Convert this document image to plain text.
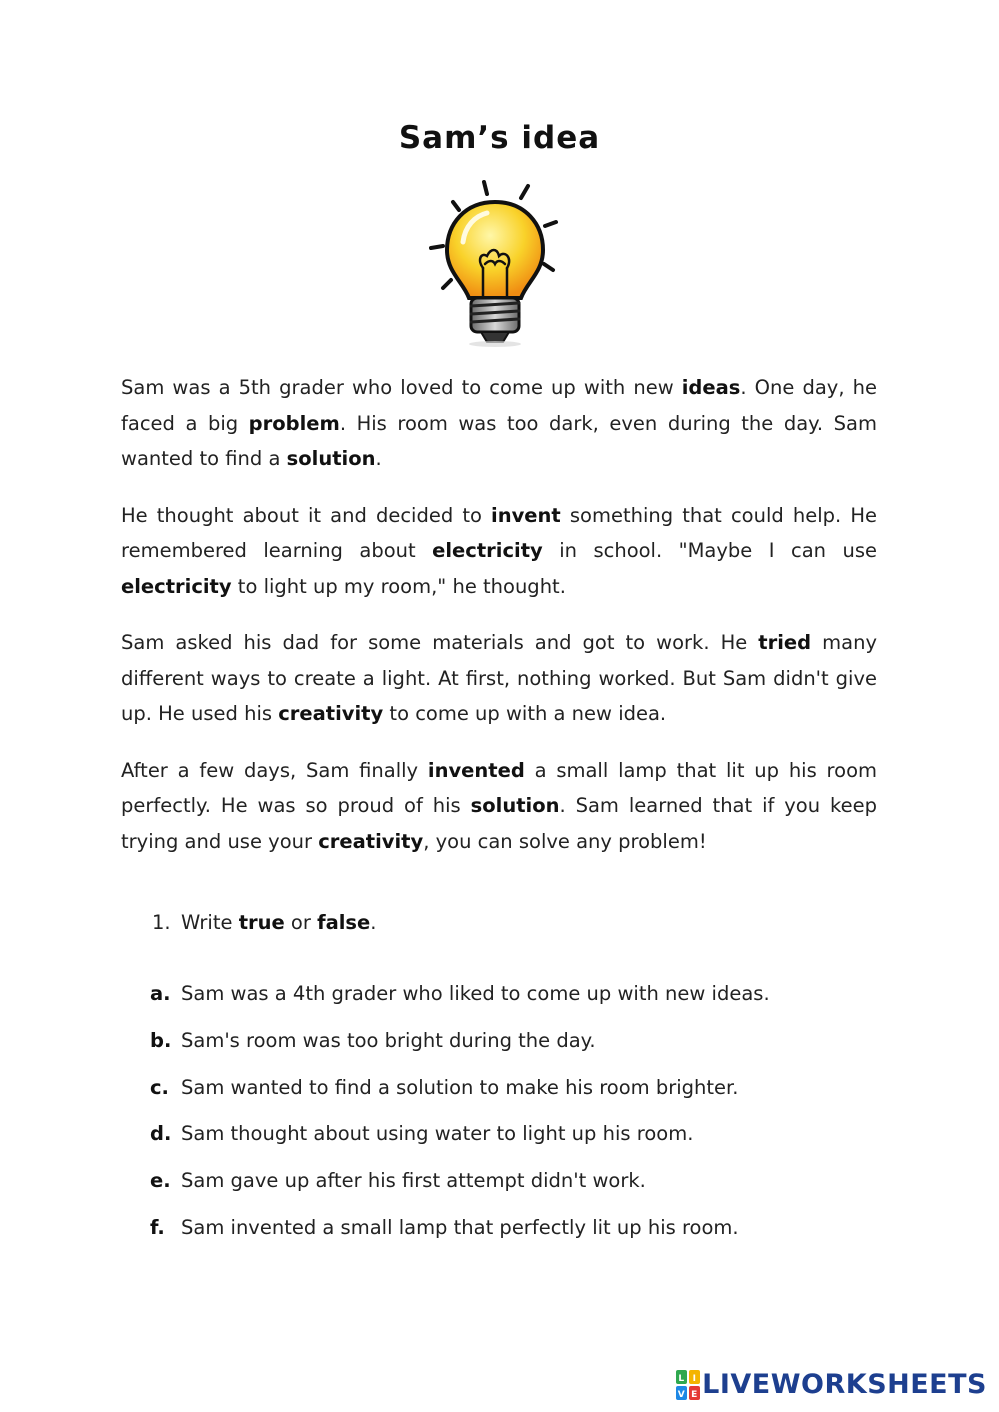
Sam’s idea

Sam was a 5th grader who loved to come up with new ideas. One day, he faced a big problem. His room was too dark, even during the day. Sam wanted to find a solution.

He thought about it and decided to invent something that could help. He remembered learning about electricity in school. "Maybe I can use electricity to light up my room," he thought.

Sam asked his dad for some materials and got to work. He tried many different ways to create a light. At first, nothing worked. But Sam didn't give up. He used his creativity to come up with a new idea.

After a few days, Sam finally invented a small lamp that lit up his room perfectly. He was so proud of his solution. Sam learned that if you keep trying and use your creativity, you can solve any problem!

1. Write true or false.
a. Sam was a 4th grader who liked to come up with new ideas.
b. Sam's room was too bright during the day.
c. Sam wanted to find a solution to make his room brighter.
d. Sam thought about using water to light up his room.
e. Sam gave up after his first attempt didn't work.
f. Sam invented a small lamp that perfectly lit up his room.
L I
V E LIVEWORKSHEETS
